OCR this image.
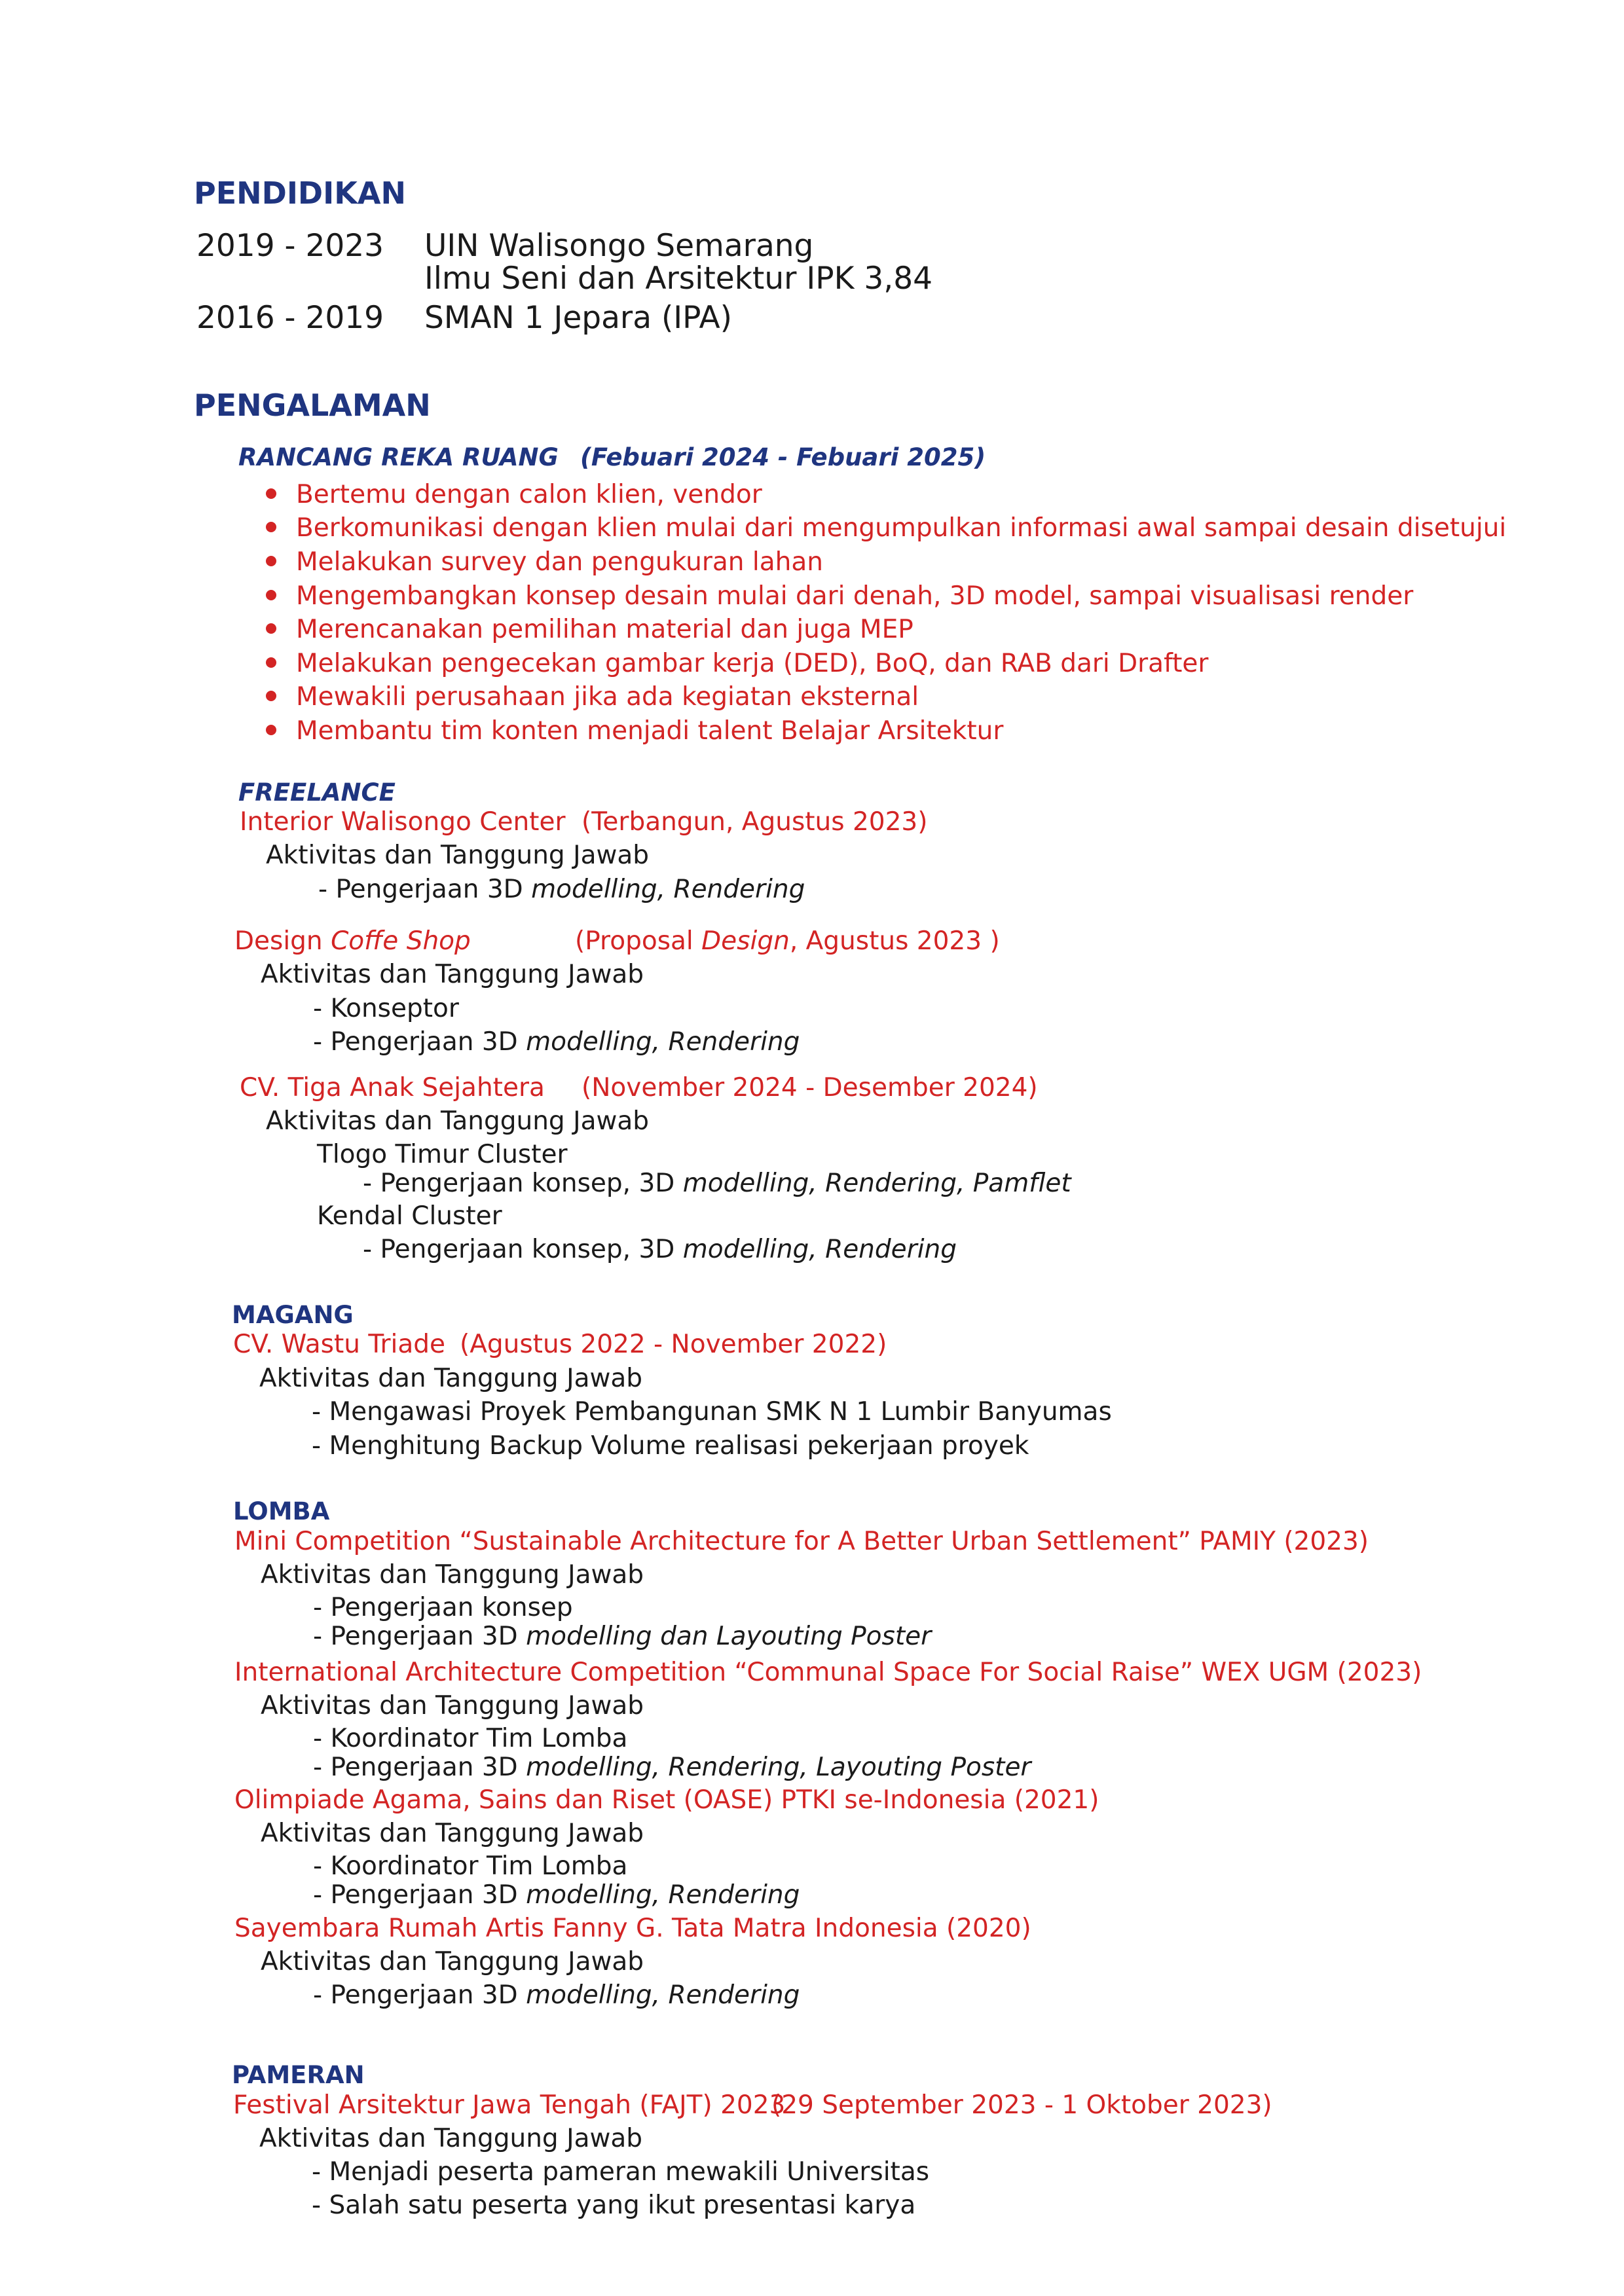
PENDIDIKAN
2019 - 2023 UIN Walisongo Semarang
Ilmu Seni dan Arsitektur IPK 3,84
2016 - 2019 SMAN 1 Jepara (IPA)
PENGALAMAN
RANCANG REKA RUANG (Febuari 2024 - Febuari 2025)
Bertemu dengan calon klien, vendor
Berkomunikasi dengan klien mulai dari mengumpulkan informasi awal sampai desain disetujui
Melakukan survey dan pengukuran lahan
Mengembangkan konsep desain mulai dari denah, 3D model, sampai visualisasi render
Merencanakan pemilihan material dan juga MEP
Melakukan pengecekan gambar kerja (DED), BoQ, dan RAB dari Drafter
Mewakili perusahaan jika ada kegiatan eksternal
Membantu tim konten menjadi talent Belajar Arsitektur
FREELANCE
Interior Walisongo Center (Terbangun, Agustus 2023)
Aktivitas dan Tanggung Jawab
- Pengerjaan 3D modelling, Rendering
Design Coffe Shop	(Proposal Design, Agustus 2023 )
Aktivitas dan Tanggung Jawab
- Konseptor
- Pengerjaan 3D modelling, Rendering
CV. Tiga Anak Sejahtera (November 2024 - Desember 2024)
Aktivitas dan Tanggung Jawab
Tlogo Timur Cluster
- Pengerjaan konsep, 3D modelling, Rendering, Pamflet
Kendal Cluster
- Pengerjaan konsep, 3D modelling, Rendering
MAGANG
CV. Wastu Triade (Agustus 2022 - November 2022)
Aktivitas dan Tanggung Jawab
- Mengawasi Proyek Pembangunan SMK N 1 Lumbir Banyumas
- Menghitung Backup Volume realisasi pekerjaan proyek
LOMBA
Mini Competition “Sustainable Architecture for A Better Urban Settlement” PAMIY (2023)
Aktivitas dan Tanggung Jawab
- Pengerjaan konsep
- Pengerjaan 3D modelling dan Layouting Poster
International Architecture Competition “Communal Space For Social Raise” WEX UGM (2023)
Aktivitas dan Tanggung Jawab
- Koordinator Tim Lomba
- Pengerjaan 3D modelling, Rendering, Layouting Poster
Olimpiade Agama, Sains dan Riset (OASE) PTKI se-Indonesia (2021)
Aktivitas dan Tanggung Jawab
- Koordinator Tim Lomba
- Pengerjaan 3D modelling, Rendering
Sayembara Rumah Artis Fanny G. Tata Matra Indonesia (2020)
Aktivitas dan Tanggung Jawab
- Pengerjaan 3D modelling, Rendering
PAMERAN
Festival Arsitektur Jawa Tengah (FAJT) 2023
(29 September 2023 - 1 Oktober 2023)
Aktivitas dan Tanggung Jawab
- Menjadi peserta pameran mewakili Universitas
- Salah satu peserta yang ikut presentasi karya
